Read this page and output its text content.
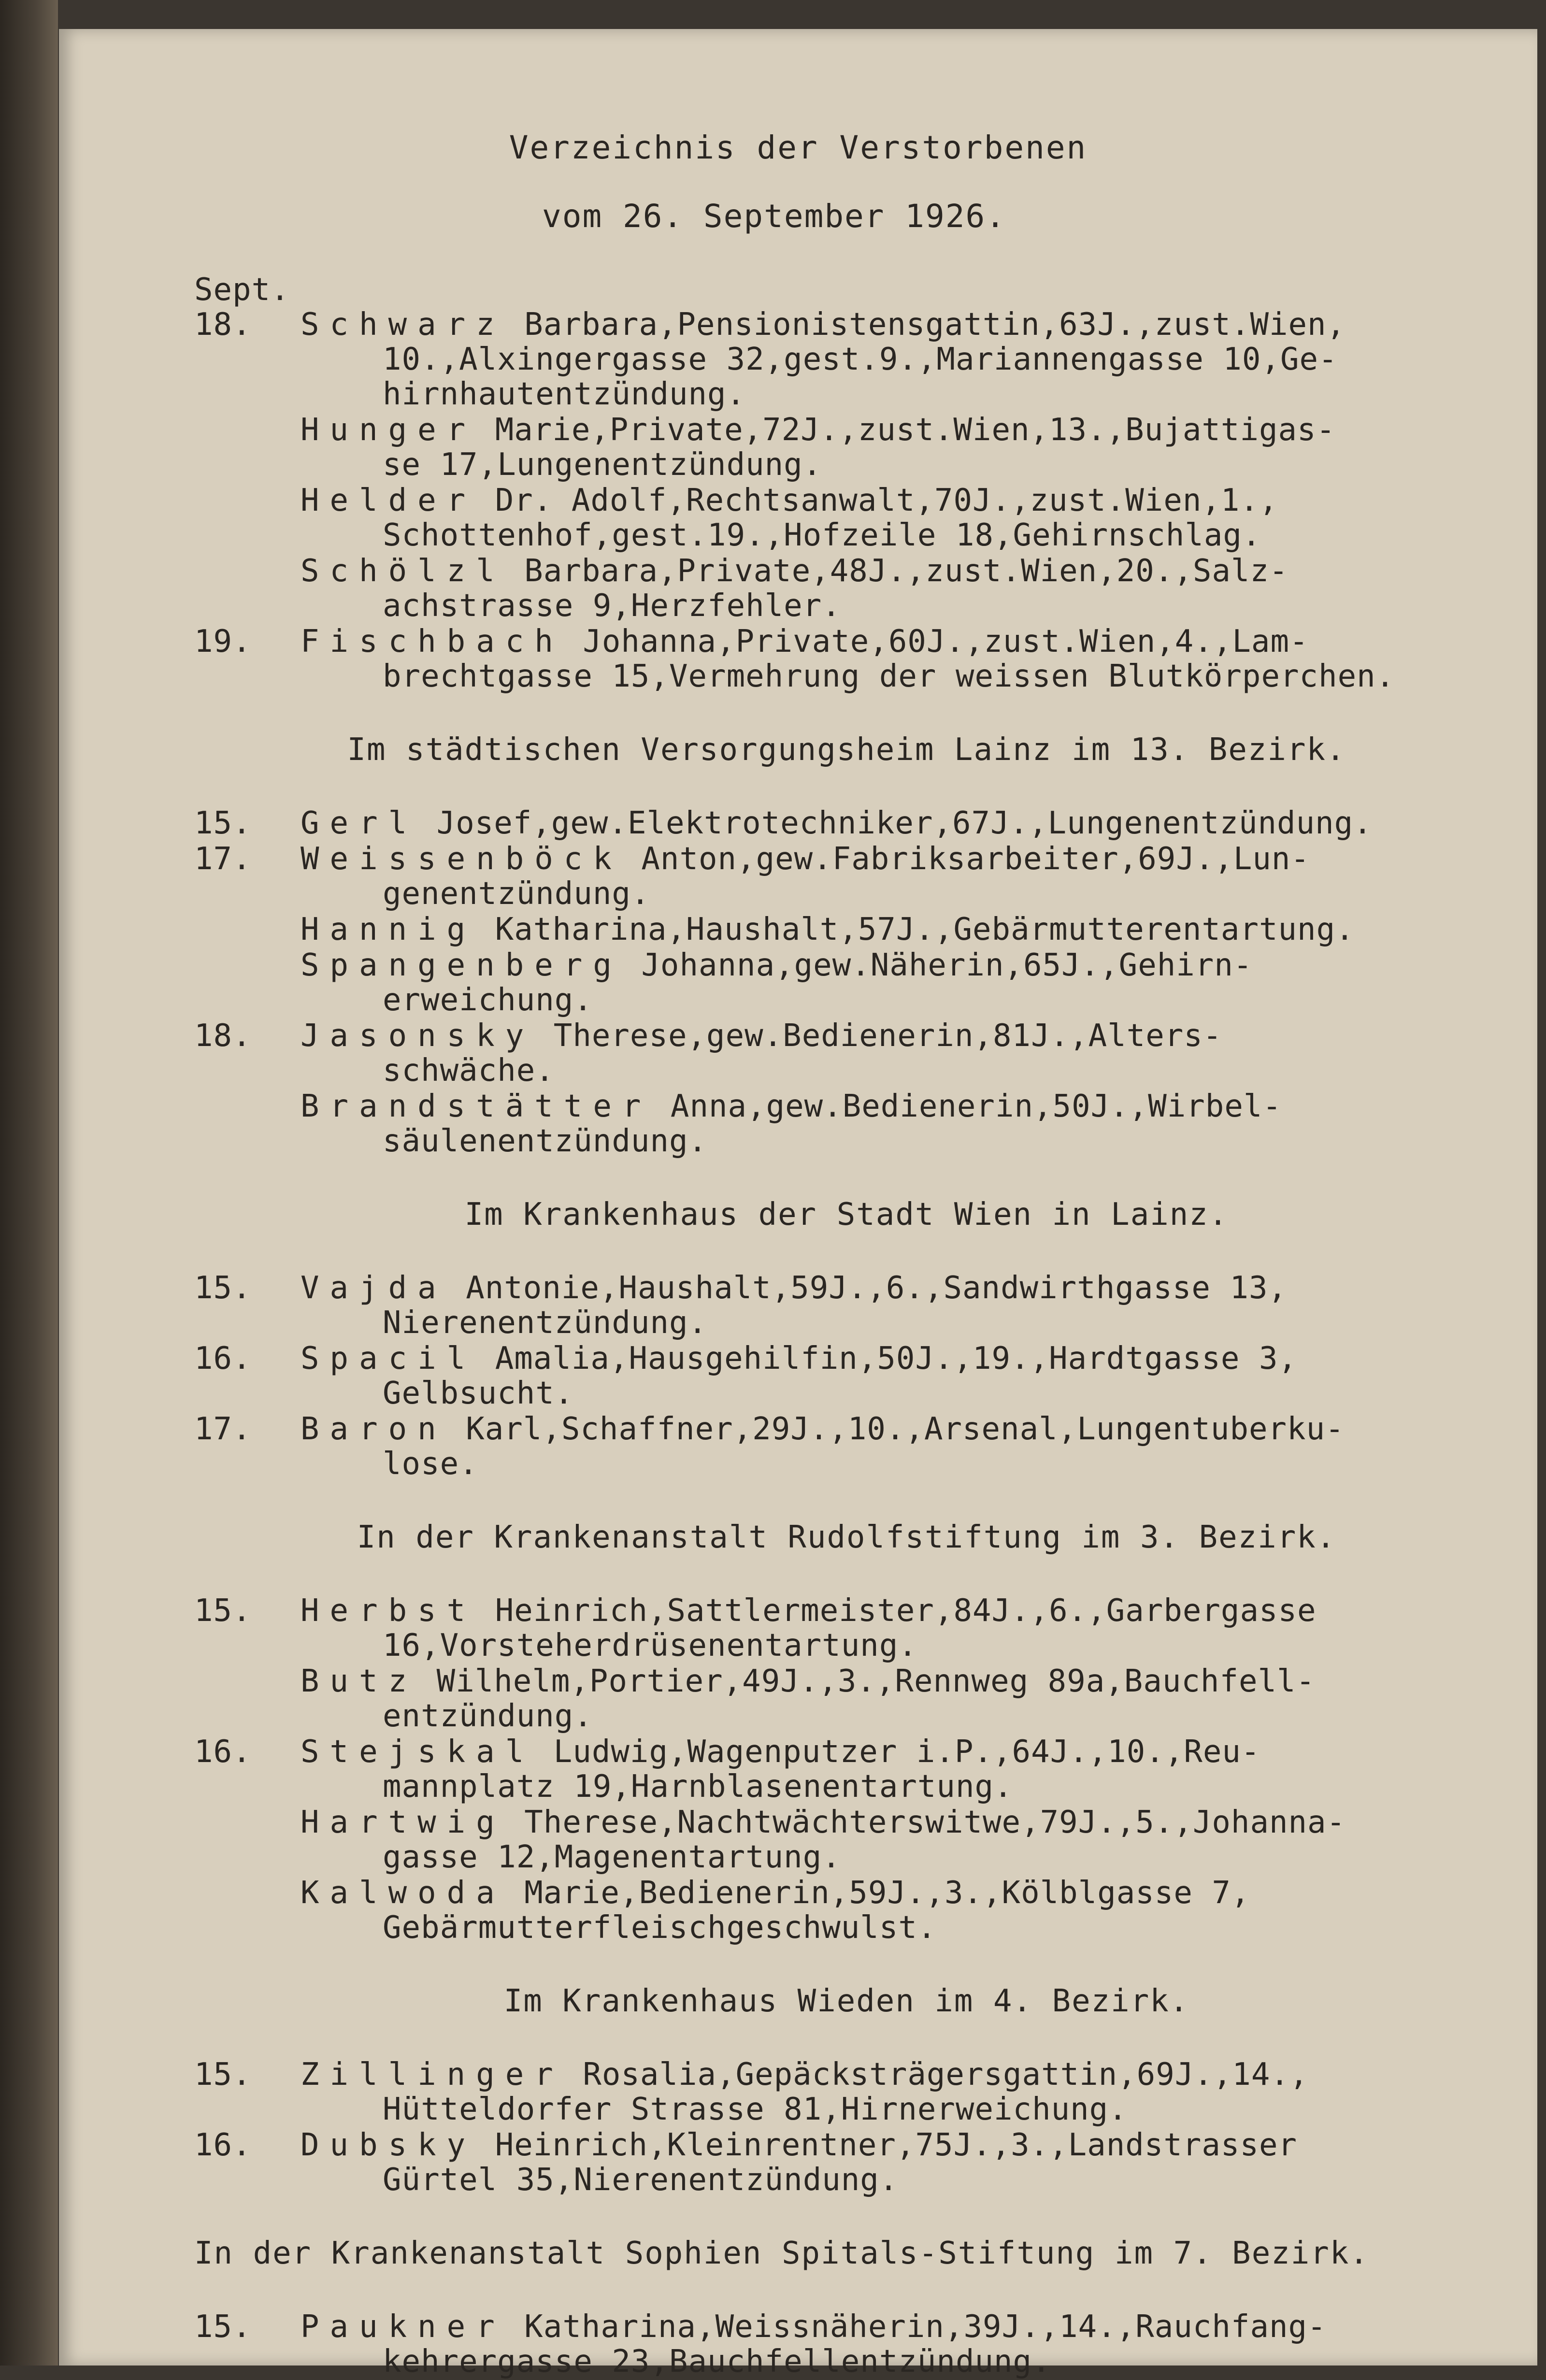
Verzeichnis der Verstorbenen
vom 26. September 1926.
Sept.
18. Schwarz Barbara,Pensionistensgattin,63J.,zust.Wien,
10.,Alxingergasse 32,gest.9.,Mariannengasse 10,Ge-
hirnhautentzündung.
Hunger Marie,Private,72J.,zust.Wien,13.,Bujattigas-
se 17,Lungenentzündung.
Helder Dr. Adolf,Rechtsanwalt,70J.,zust.Wien,1.,
Schottenhof,gest.19.,Hofzeile 18,Gehirnschlag.
Schölzl Barbara,Private,48J.,zust.Wien,20.,Salz-
achstrasse 9,Herzfehler.
19. Fischbach Johanna,Private,60J.,zust.Wien,4.,Lam-
brechtgasse 15,Vermehrung der weissen Blutkörperchen.
Im städtischen Versorgungsheim Lainz im 13. Bezirk.
15. Gerl Josef,gew.Elektrotechniker,67J.,Lungenentzündung.
17. Weissenböck Anton,gew.Fabriksarbeiter,69J.,Lun-
genentzündung.
Hannig Katharina,Haushalt,57J.,Gebärmutterentartung.
Spangenberg Johanna,gew.Näherin,65J.,Gehirn-
erweichung.
18. Jasonsky Therese,gew.Bedienerin,81J.,Alters-
schwäche.
Brandstätter Anna,gew.Bedienerin,50J.,Wirbel-
säulenentzündung.
Im Krankenhaus der Stadt Wien in Lainz.
15. Vajda Antonie,Haushalt,59J.,6.,Sandwirthgasse 13,
Nierenentzündung.
16. Spacil Amalia,Hausgehilfin,50J.,19.,Hardtgasse 3,
Gelbsucht.
17. Baron Karl,Schaffner,29J.,10.,Arsenal,Lungentuberku-
lose.
In der Krankenanstalt Rudolfstiftung im 3. Bezirk.
15. Herbst Heinrich,Sattlermeister,84J.,6.,Garbergasse
16,Vorsteherdrüsenentartung.
Butz Wilhelm,Portier,49J.,3.,Rennweg 89a,Bauchfell-
entzündung.
16. Stejskal Ludwig,Wagenputzer i.P.,64J.,10.,Reu-
mannplatz 19,Harnblasenentartung.
Hartwig Therese,Nachtwächterswitwe,79J.,5.,Johanna-
gasse 12,Magenentartung.
Kalwoda Marie,Bedienerin,59J.,3.,Kölblgasse 7,
Gebärmutterfleischgeschwulst.
Im Krankenhaus Wieden im 4. Bezirk.
15. Zillinger Rosalia,Gepäcksträgersgattin,69J.,14.,
Hütteldorfer Strasse 81,Hirnerweichung.
16. Dubsky Heinrich,Kleinrentner,75J.,3.,Landstrasser
Gürtel 35,Nierenentzündung.
In der Krankenanstalt Sophien Spitals-Stiftung im 7. Bezirk.
15. Paukner Katharina,Weissnäherin,39J.,14.,Rauchfang-
kehrergasse 23,Bauchfellentzündung.
